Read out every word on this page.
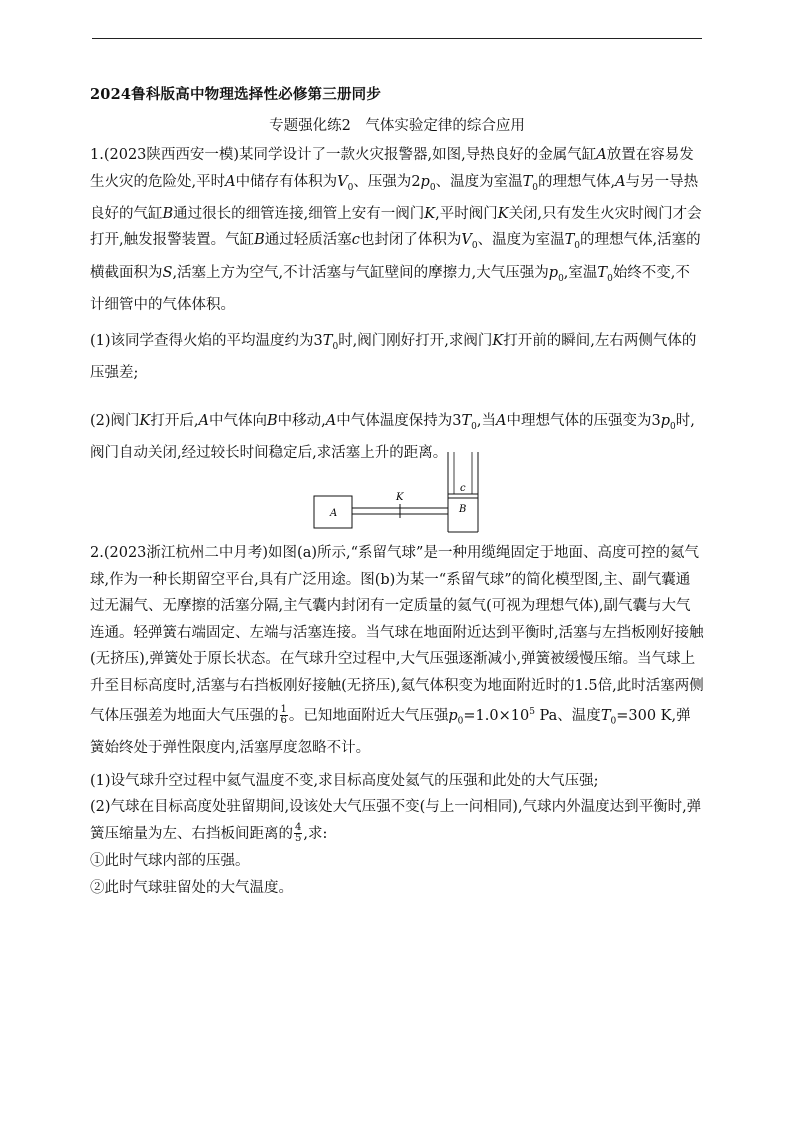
2024鲁科版高中物理选择性必修第三册同步
专题强化练2　气体实验定律的综合应用

1.(2023陕西西安一模)某同学设计了一款火灾报警器,如图,导热良好的金属气缸A放置在容易发生火灾的危险处,平时A中储存有体积为$V_0$、压强为$2p_0$、温度为室温$T_0$的理想气体,A与另一导热良好的气缸B通过很长的细管连接,细管上安有一阀门K,平时阀门K关闭,只有发生火灾时阀门才会打开,触发报警装置。气缸B通过轻质活塞c也封闭了体积为$V_0$、温度为室温$T_0$的理想气体,活塞的横截面积为S,活塞上方为空气,不计活塞与气缸壁间的摩擦力,大气压强为$p_0$,室温$T_0$始终不变,不计细管中的气体体积。

(1)该同学查得火焰的平均温度约为$3T_0$时,阀门刚好打开,求阀门K打开前的瞬间,左右两侧气体的压强差;

(2)阀门K打开后,A中气体向B中移动,A中气体温度保持为$3T_0$,当A中理想气体的压强变为$3p_0$时,阀门自动关闭,经过较长时间稳定后,求活塞上升的距离。

A
K
c
B

2.(2023浙江杭州二中月考)如图(a)所示,“系留气球”是一种用缆绳固定于地面、高度可控的氦气球,作为一种长期留空平台,具有广泛用途。图(b)为某一“系留气球”的简化模型图,主、副气囊通过无漏气、无摩擦的活塞分隔,主气囊内封闭有一定质量的氦气(可视为理想气体),副气囊与大气连通。轻弹簧右端固定、左端与活塞连接。当气球在地面附近达到平衡时,活塞与左挡板刚好接触(无挤压),弹簧处于原长状态。在气球升空过程中,大气压强逐渐减小,弹簧被缓慢压缩。当气球上升至目标高度时,活塞与右挡板刚好接触(无挤压),氦气体积变为地面附近时的1.5倍,此时活塞两侧气体压强差为地面大气压强的 $\frac{1}{6}$ 。已知地面附近大气压强$p_0=1.0\times 10^5$ Pa、温度$T_0=300$ K,弹簧始终处于弹性限度内,活塞厚度忽略不计。

(1)设气球升空过程中氦气温度不变,求目标高度处氦气的压强和此处的大气压强;

(2)气球在目标高度处驻留期间,设该处大气压强不变(与上一问相同),气球内外温度达到平衡时,弹簧压缩量为左、右挡板间距离的 $\frac{4}{5}$ ,求:

①此时气球内部的压强。

②此时气球驻留处的大气温度。
